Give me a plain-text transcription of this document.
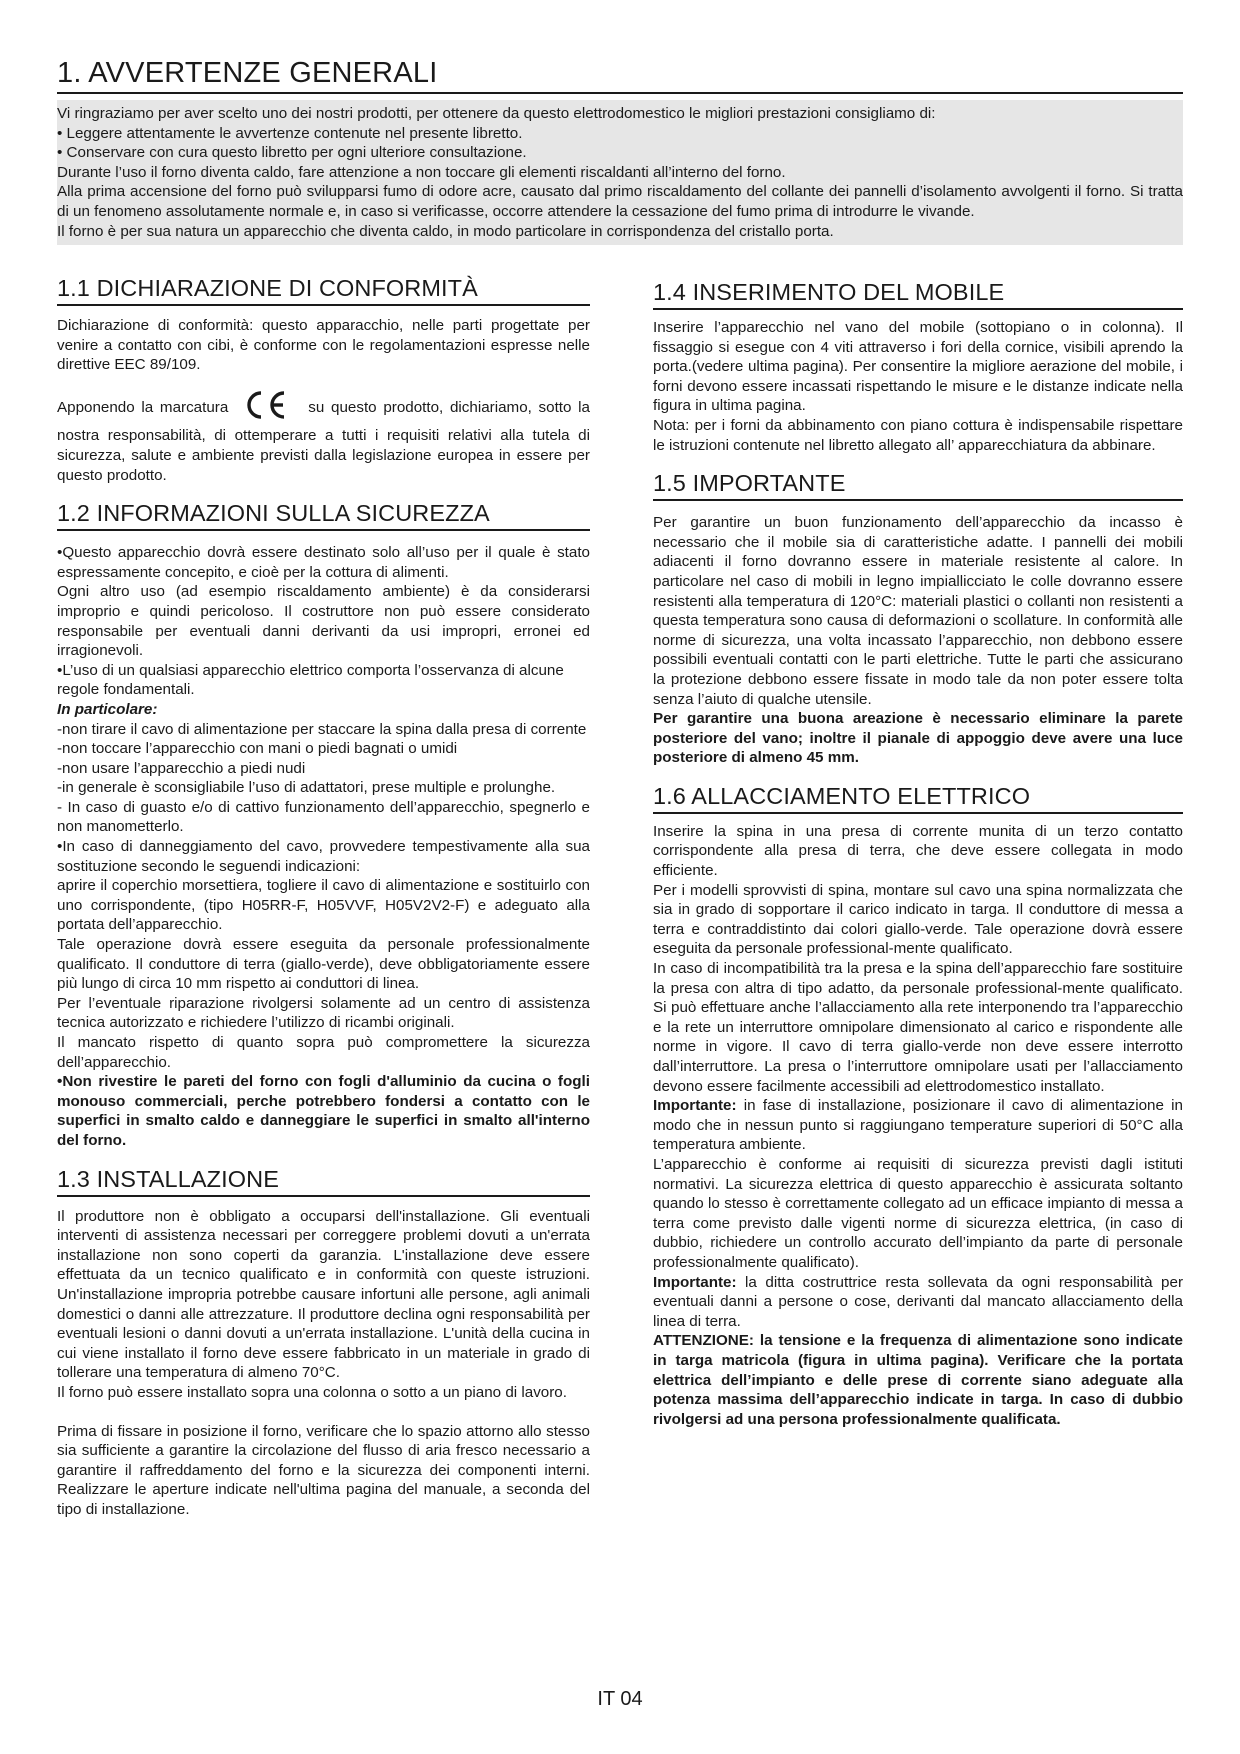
1. AVVERTENZE GENERALI

Vi ringraziamo per aver scelto uno dei nostri prodotti, per ottenere da questo elettrodomestico le migliori prestazioni consigliamo di:

• Leggere attentamente le avvertenze contenute nel presente libretto.

• Conservare con cura questo libretto per ogni ulteriore consultazione.

Durante l’uso il forno diventa caldo, fare attenzione a non toccare gli elementi riscaldanti all’interno del forno.

Alla prima accensione del forno può svilupparsi fumo di odore acre, causato dal primo riscaldamento del collante dei pannelli d’isolamento avvolgenti il forno. Si tratta di un fenomeno assolutamente normale e, in caso si verificasse, occorre attendere la cessazione del fumo prima di introdurre le vivande.

Il forno è per sua natura un apparecchio che diventa caldo, in modo particolare in corrispondenza del cristallo porta.

1.1 DICHIARAZIONE DI CONFORMITÀ

Dichiarazione di conformità: questo apparacchio, nelle parti progettate per venire a contatto con cibi, è conforme con le regolamentazioni espresse nelle direttive EEC 89/109.

Apponendo la marcatura	su questo prodotto, dichiariamo, sotto la nostra responsabilità, di ottemperare a tutti i requisiti relativi alla tutela di sicurezza, salute e ambiente previsti dalla legislazione europea in essere per questo prodotto.

1.2 INFORMAZIONI SULLA SICUREZZA

•Questo apparecchio dovrà essere destinato solo all’uso per il quale è stato espressamente concepito, e cioè per la cottura di alimenti.

Ogni altro uso (ad esempio riscaldamento ambiente) è da considerarsi improprio e quindi pericoloso. Il costruttore non può essere considerato responsabile per eventuali danni derivanti da usi impropri, erronei ed irragionevoli.

•L’uso di un qualsiasi apparecchio elettrico comporta l’osservanza di alcune regole fondamentali.

In particolare:

-non tirare il cavo di alimentazione per staccare la spina dalla presa di corrente

-non toccare l’apparecchio con mani o piedi bagnati o umidi

-non usare l’apparecchio a piedi nudi

-in generale è sconsigliabile l’uso di adattatori, prese multiple e prolunghe.

- In caso di guasto e/o di cattivo funzionamento dell’apparecchio, spegnerlo e non manometterlo.

•In caso di danneggiamento del cavo, provvedere tempestivamente alla sua sostituzione secondo le seguendi indicazioni:

aprire il coperchio morsettiera, togliere il cavo di alimentazione e sostituirlo con uno corrispondente, (tipo H05RR-F, H05VVF, H05V2V2-F) e adeguato alla portata dell’apparecchio.

Tale operazione dovrà essere eseguita da personale professionalmente qualificato. Il conduttore di terra (giallo-verde), deve obbligatoriamente essere più lungo di circa 10 mm rispetto ai conduttori di linea.

Per l’eventuale riparazione rivolgersi solamente ad un centro di assistenza tecnica autorizzato e richiedere l’utilizzo di ricambi originali.

Il mancato rispetto di quanto sopra può compromettere la sicurezza dell’apparecchio.

•Non rivestire le pareti del forno con fogli d'alluminio da cucina o fogli monouso commerciali, perche potrebbero fondersi a contatto con le superfici in smalto caldo e danneggiare le superfici in smalto all'interno del forno.

1.3 INSTALLAZIONE

Il produttore non è obbligato a occuparsi dell'installazione. Gli eventuali interventi di assistenza necessari per correggere problemi dovuti a un'errata installazione non sono coperti da garanzia. L'installazione deve essere effettuata da un tecnico qualificato e in conformità con queste istruzioni. Un'installazione impropria potrebbe causare infortuni alle persone, agli animali domestici o danni alle attrezzature. Il produttore declina ogni responsabilità per eventuali lesioni o danni dovuti a un'errata installazione. L'unità della cucina in cui viene installato il forno deve essere fabbricato in un materiale in grado di tollerare una temperatura di almeno 70°C.

Il forno può essere installato sopra una colonna o sotto a un piano di lavoro.

Prima di fissare in posizione il forno, verificare che lo spazio attorno allo stesso sia sufficiente a garantire la circolazione del flusso di aria fresco necessario a garantire il raffreddamento del forno e la sicurezza dei componenti interni. Realizzare le aperture indicate nell'ultima pagina del manuale, a seconda del tipo di installazione.

1.4 INSERIMENTO DEL MOBILE

Inserire l’apparecchio nel vano del mobile (sottopiano o in colonna). Il fissaggio si esegue con 4 viti attraverso i fori della cornice, visibili aprendo la porta.(vedere ultima pagina). Per consentire la migliore aerazione del mobile, i forni devono essere incassati rispettando le misure e le distanze indicate nella figura in ultima pagina.

Nota: per i forni da abbinamento con piano cottura è indispensabile rispettare le istruzioni contenute nel libretto allegato all’ apparecchiatura da abbinare.

1.5 IMPORTANTE

Per garantire un buon funzionamento dell’apparecchio da incasso è necessario che il mobile sia di caratteristiche adatte. I pannelli dei mobili adiacenti il forno dovranno essere in materiale resistente al calore. In particolare nel caso di mobili in legno impiallicciato le colle dovranno essere resistenti alla temperatura di 120°C: materiali plastici o collanti non resistenti a questa temperatura sono causa di deformazioni o scollature. In conformità alle norme di sicurezza, una volta incassato l’apparecchio, non debbono essere possibili eventuali contatti con le parti elettriche. Tutte le parti che assicurano la protezione debbono essere fissate in modo tale da non poter essere tolta senza l’aiuto di qualche utensile.

Per garantire una buona areazione è necessario eliminare la parete posteriore del vano; inoltre il pianale di appoggio deve avere una luce posteriore di almeno 45 mm.

1.6 ALLACCIAMENTO ELETTRICO

Inserire la spina in una presa di corrente munita di un terzo contatto corrispondente alla presa di terra, che deve essere collegata in modo efficiente.

Per i modelli sprovvisti di spina, montare sul cavo una spina normalizzata che sia in grado di sopportare il carico indicato in targa. Il conduttore di messa a terra e contraddistinto dai colori giallo-verde. Tale operazione dovrà essere eseguita da personale professional-mente qualificato.

In caso di incompatibilità tra la presa e la spina dell’apparecchio fare sostituire la presa con altra di tipo adatto, da personale professional-mente qualificato. Si può effettuare anche l’allacciamento alla rete interponendo tra l’apparecchio e la rete un interruttore omnipolare dimensionato al carico e rispondente alle norme in vigore. Il cavo di terra giallo-verde non deve essere interrotto dall’interruttore. La presa o l’interruttore omnipolare usati per l’allacciamento devono essere facilmente accessibili ad elettrodomestico installato.

Importante: in fase di installazione, posizionare il cavo di alimentazione in modo che in nessun punto si raggiungano temperature superiori di 50°C alla temperatura ambiente.

L’apparecchio è conforme ai requisiti di sicurezza previsti dagli istituti normativi. La sicurezza elettrica di questo apparecchio è assicurata soltanto quando lo stesso è correttamente collegato ad un efficace impianto di messa a terra come previsto dalle vigenti norme di sicurezza elettrica, (in caso di dubbio, richiedere un controllo accurato dell’impianto da parte di personale professionalmente qualificato).

Importante: la ditta costruttrice resta sollevata da ogni responsabilità per eventuali danni a persone o cose, derivanti dal mancato allacciamento della linea di terra.

ATTENZIONE: la tensione e la frequenza di alimentazione sono indicate in targa matricola (figura in ultima pagina). Verificare che la portata elettrica dell’impianto e delle prese di corrente siano adeguate alla potenza massima dell’apparecchio indicate in targa. In caso di dubbio rivolgersi ad una persona professionalmente qualificata.

IT 04
